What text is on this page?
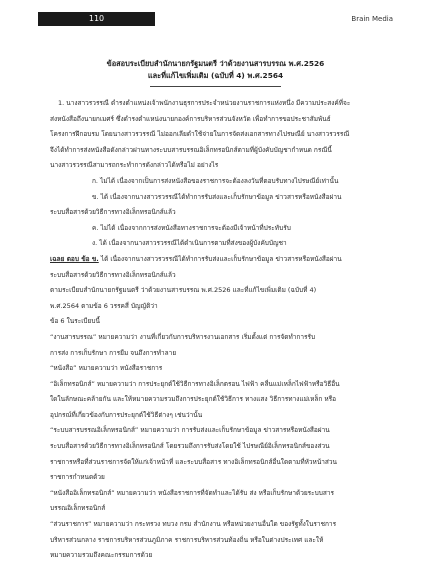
110	Brain Media
ข้อสอบระเบียบสำนักนายกรัฐมนตรี ว่าด้วยงานสารบรรณ พ.ศ.2526
และที่แก้ไขเพิ่มเติม (ฉบับที่ 4) พ.ศ.2564
1. นางสาวรวรรณี ดำรงตำแหน่งเจ้าพนักงานธุรการประจำหน่วยงานราชการแห่งหนึ่ง มีความประสงค์ที่จะ
ส่งหนังสือถึงนายกเมศร์ ซึ่งดำรงตำแหน่งนายกองค์การบริหารส่วนจังหวัด เพื่อทำการขอประชาสัมพันธ์
โครงการฝึกอบรม โดยนางสาวรวรรณี ไม่ออกเลียดำใช้จ่ายในการจัดส่งเอกสารทางไปรษณีย์ นางสาวรวรรณี
จึงได้ทำการส่งหนังสือดังกล่าวผ่านทางระบบสารบรรณอิเล็กทรอนิกส์ตามที่ผู้บังคับบัญชากำหนด กรณีนี้
นางสาวรวรรณีสามารถกระทำการดังกล่าวได้หรือไม่ อย่างไร
ก. ไม่ได้ เนื่องจากเป็นการส่งหนังสือของราชการจะต้องลงวันที่ตอบรับทางไปรษณีย์เท่านั้น
ข. ได้ เนื่องจากนางสาวรวรรณีได้ทำการรับส่งและเก็บรักษาข้อมูล ข่าวสารหรือหนังสือผ่าน
ระบบสื่อสารด้วยวิธีการทางอิเล็กทรอนิกส์แล้ว
ค. ไม่ได้ เนื่องจากการส่งหนังสือทางราชการจะต้องมีเจ้าหน้าที่ประทับรับ
ง. ได้ เนื่องจากนางสาวรวรรณีได้ดำเนินการตามที่ส่งของผู้บังคับบัญชา
เฉลย ตอบ ข้อ ข. ได้ เนื่องจากนางสาวรวรรณีได้ทำการรับส่งและเก็บรักษาข้อมูล ข่าวสารหรือหนังสือผ่าน
ระบบสื่อสารด้วยวิธีการทางอิเล็กทรอนิกส์แล้ว
ตามระเบียบสำนักนายกรัฐมนตรี ว่าด้วยงานสารบรรณ พ.ศ.2526 และที่แก้ไขเพิ่มเติม (ฉบับที่ 4)
พ.ศ.2564 ตามข้อ 6 วรรคสี่ บัญญัติว่า
ข้อ 6 ในระเบียบนี้
“งานสารบรรณ” หมายความว่า งานที่เกี่ยวกับการบริหารงานเอกสาร เริ่มตั้งแต่ การจัดทำการรับ
การส่ง การเก็บรักษา การยืม จนถึงการทำลาย
“หนังสือ” หมายความว่า หนังสือราชการ
“อิเล็กทรอนิกส์” หมายความว่า การประยุกต์ใช้วิธีการทางอิเล็กตรอน ไฟฟ้า คลื่นแม่เหล็กไฟฟ้าหรือวิธีอื่น
ใดในลักษณะคล้ายกัน และให้หมายความรวมถึงการประยุกต์ใช้วิธีการ ทางแสง วิธีการทางแม่เหล็ก หรือ
อุปกรณ์ที่เกี่ยวข้องกับการประยุกต์ใช้วิธีต่างๆ เช่นว่านั้น
“ระบบสารบรรณอิเล็กทรอนิกส์” หมายความว่า การรับส่งและเก็บรักษาข้อมูล ข่าวสารหรือหนังสือผ่าน
ระบบสื่อสารด้วยวิธีการทางอิเล็กทรอนิกส์ โดยรวมถึงการรับส่งโดยใช้ ไปรษณีย์อิเล็กทรอนิกส์ของส่วน
ราชการหรือที่ส่วนราชการจัดให้แก่เจ้าหน้าที่ และระบบสื่อสาร ทางอิเล็กทรอนิกส์อื่นใดตามที่หัวหน้าส่วน
ราชการกำหนดด้วย
“หนังสืออิเล็กทรอนิกส์” หมายความว่า หนังสือราชการที่จัดทำและได้รับ ส่ง หรือเก็บรักษาด้วยระบบสาร
บรรณอิเล็กทรอนิกส์
“ส่วนราชการ” หมายความว่า กระทรวง ทบวง กรม สำนักงาน หรือหน่วยงานอื่นใด ของรัฐทั้งในราชการ
บริหารส่วนกลาง ราชการบริหารส่วนภูมิภาค ราชการบริหารส่วนท้องถิ่น หรือในต่างประเทศ และให้
หมายความรวมถึงคณะกรรมการด้วย
